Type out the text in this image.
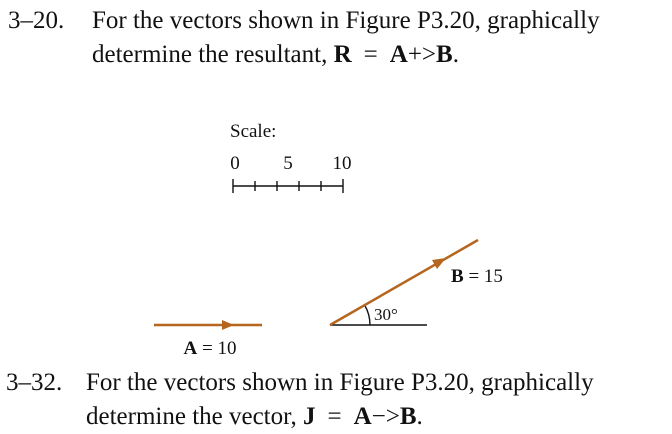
3–20. For the vectors shown in Figure P3.20, graphically
determine the resultant, R = A+>B.
Scale:
0 5 10
A = 10
30°
B = 15
3–32. For the vectors shown in Figure P3.20, graphically
determine the vector, J = A−>B.
